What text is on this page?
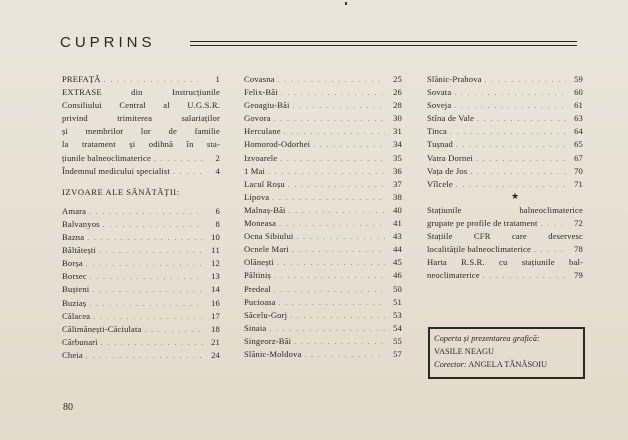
CUPRINS
PREFAȚĂ . . .	1
EXTRASE din Instrucțiunile
Consiliului Central al U.G.S.R.
privind trimiterea salariaților
și membrilor lor de familie
la tratament și odihnă în sta-
țiunile balneoclimaterice . . .	2
Îndemnul medicului specialist . . .	4
IZVOARE ALE SĂNĂTĂȚII:
Amara . . .	6
Balvanyos . . .	8
Bazna . . .	10
Băltătești . . .	11
Borșa . . .	12
Borsec . . .	13
Bușteni . . .	14
Buziaș . . .	16
Călacea . . .	17
Călimănești-Căciulata . . .	18
Cărbunari . . .	21
Cheia . . .	24
Covasna . . .	25
Felix-Băi . . .	26
Geoagiu-Băi . . .	28
Govora . . .	30
Herculane . . .	31
Homorod-Odorhei . . .	34
Izvoarele . . .	35
1 Mai . . .	36
Lacul Roșu . . .	37
Lipova . . .	38
Malnaș-Băi . . .	40
Moneasa . . .	41
Ocna Sibiului . . .	43
Ocnele Mari . . .	44
Olănești . . .	45
Păltiniș . . .	46
Predeal . . .	50
Pucioasa . . .	51
Săcelu-Gorj . . .	53
Sinaia . . .	54
Singeorz-Băi . . .	55
Slănic-Moldova . . .	57
Slănic-Prahova . . .	59
Sovata . . .	60
Soveja . . .	61
Stîna de Vale . . .	63
Tinca . . .	64
Tușnad . . .	65
Vatra Dornei . . .	67
Vața de Jos . . .	70
Vîlcele . . .	71
★
Stațiunile balneoclimaterice
grupate pe profile de tratament . . .	72
Stațiile CFR care deservesc
localitățile balneoclimaterice . . .	78
Harta R.S.R. cu stațiunile bal-
neoclimaterice . . .	79
Coperta și prezentarea grafică:
VASILE NEAGU
Corector: ANGELA TĂNĂSOIU
80
